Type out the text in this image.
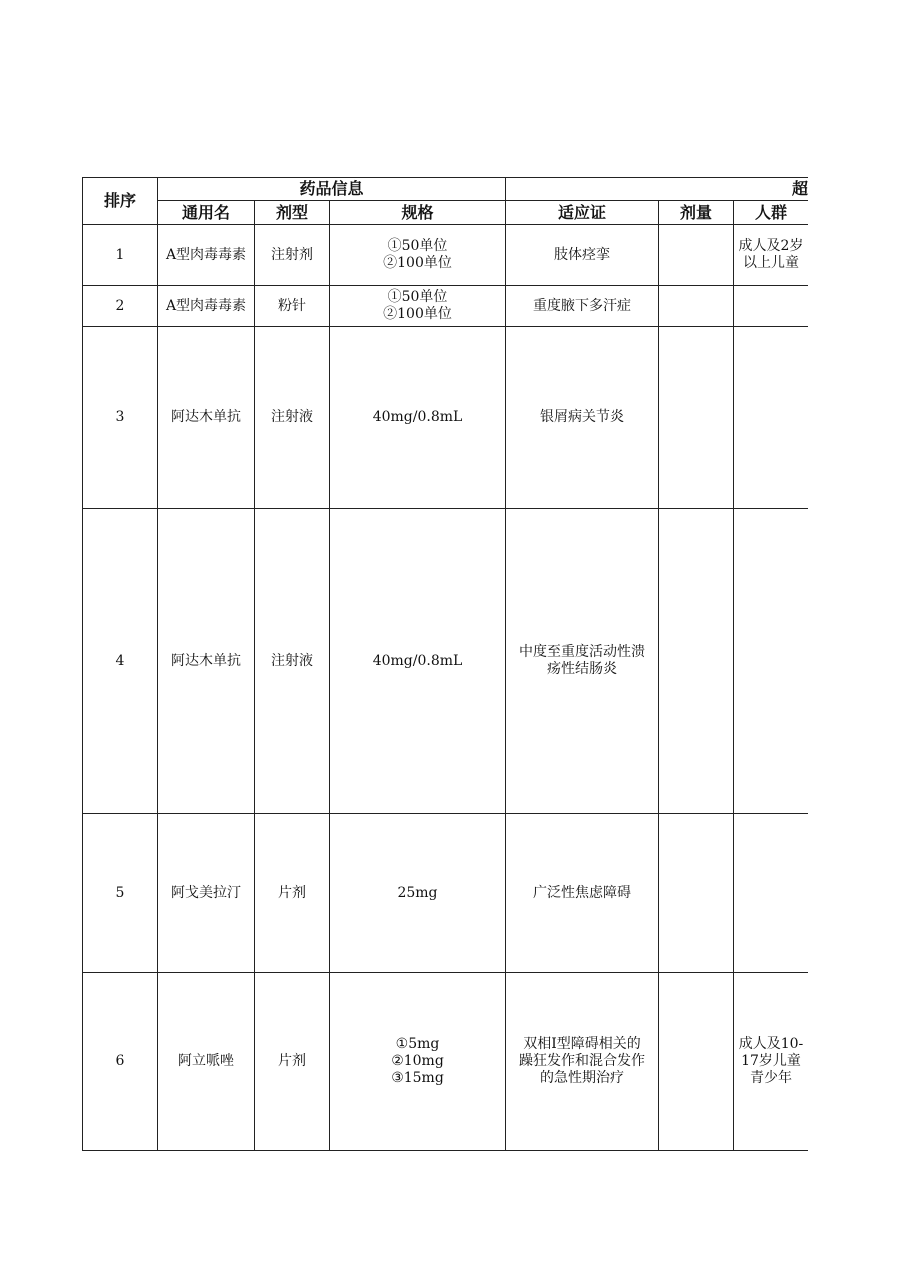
排序	药品信息			超			
	通用名	剂型	规格	适应证	剂量	人群	
1	A型肉毒毒素	注射剂	①50单位
②100单位	肢体痉挛		成人及2岁
以上儿童	

2	A型肉毒毒素	粉针	①50单位
②100单位	重度腋下多汗症			

3	阿达木单抗	注射液	40mg/0.8mL	银屑病关节炎			

4	阿达木单抗	注射液	40mg/0.8mL	中度至重度活动性溃
疡性结肠炎			

5	阿戈美拉汀	片剂	25mg	广泛性焦虑障碍			

6	阿立哌唑	片剂	①5mg
②10mg
③15mg	双相Ⅰ型障碍相关的
躁狂发作和混合发作
的急性期治疗		成人及10-
17岁儿童
青少年	
